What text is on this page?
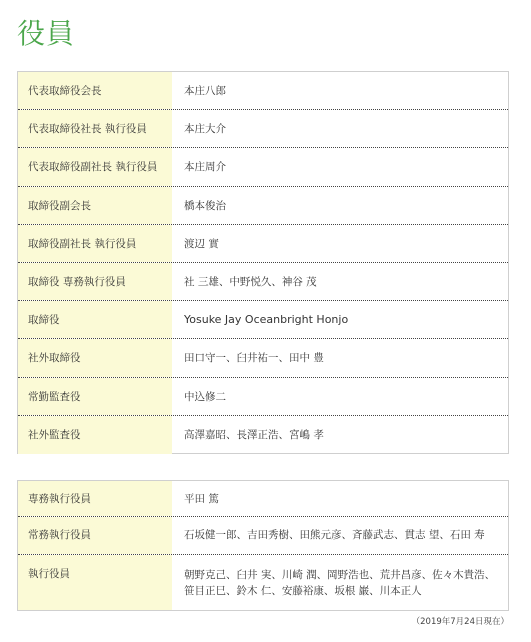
役員
代表取締役会長	本庄八郎
代表取締役社長 執行役員	本庄大介
代表取締役副社長 執行役員	本庄周介
取締役副会長	橋本俊治
取締役副社長 執行役員	渡辺 實
取締役 専務執行役員	社 三雄、中野悦久、神谷 茂
取締役	Yosuke Jay Oceanbright Honjo
社外取締役	田口守一、臼井祐一、田中 豊
常勤監査役	中込修二
社外監査役	高澤嘉昭、長澤正浩、宮嶋 孝
専務執行役員	平田 篤
常務執行役員	石坂健一郎、吉田秀樹、田熊元彦、斉藤武志、貫志 望、石田 寿
執行役員	朝野克己、臼井 実、川崎 潤、岡野浩也、荒井昌彦、佐々木貴浩、
笹目正巳、鈴木 仁、安藤裕康、坂根 巌、川本正人
（2019年7月24日現在）
